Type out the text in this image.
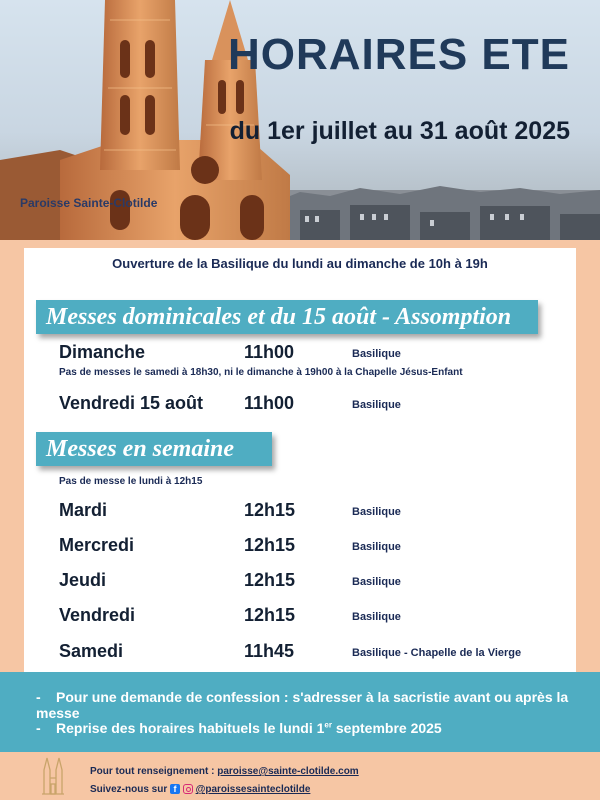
HORAIRES ETE

du 1er juillet au 31 août 2025

Paroisse Sainte-Clotilde
Ouverture de la Basilique du lundi au dimanche de 10h à 19h
Messes dominicales et du 15 août - Assomption
Dimanche	11h00	Basilique
Pas de messes le samedi à 18h30, ni le dimanche à 19h00 à la Chapelle Jésus-Enfant
Vendredi 15 août 11h00	Basilique
Messes en semaine
Pas de messe le lundi à 12h15
Mardi	12h15	Basilique
Mercredi	12h15	Basilique
Jeudi	12h15	Basilique
Vendredi	12h15	Basilique
Samedi	11h45	Basilique - Chapelle de la Vierge
- Pour une demande de confession : s'adresser à la sacristie avant ou après la messe
- Reprise des horaires habituels le lundi 1er septembre 2025
Pour tout renseignement : paroisse@sainte-clotilde.com
Suivez-nous sur f @paroissesainteclotilde
